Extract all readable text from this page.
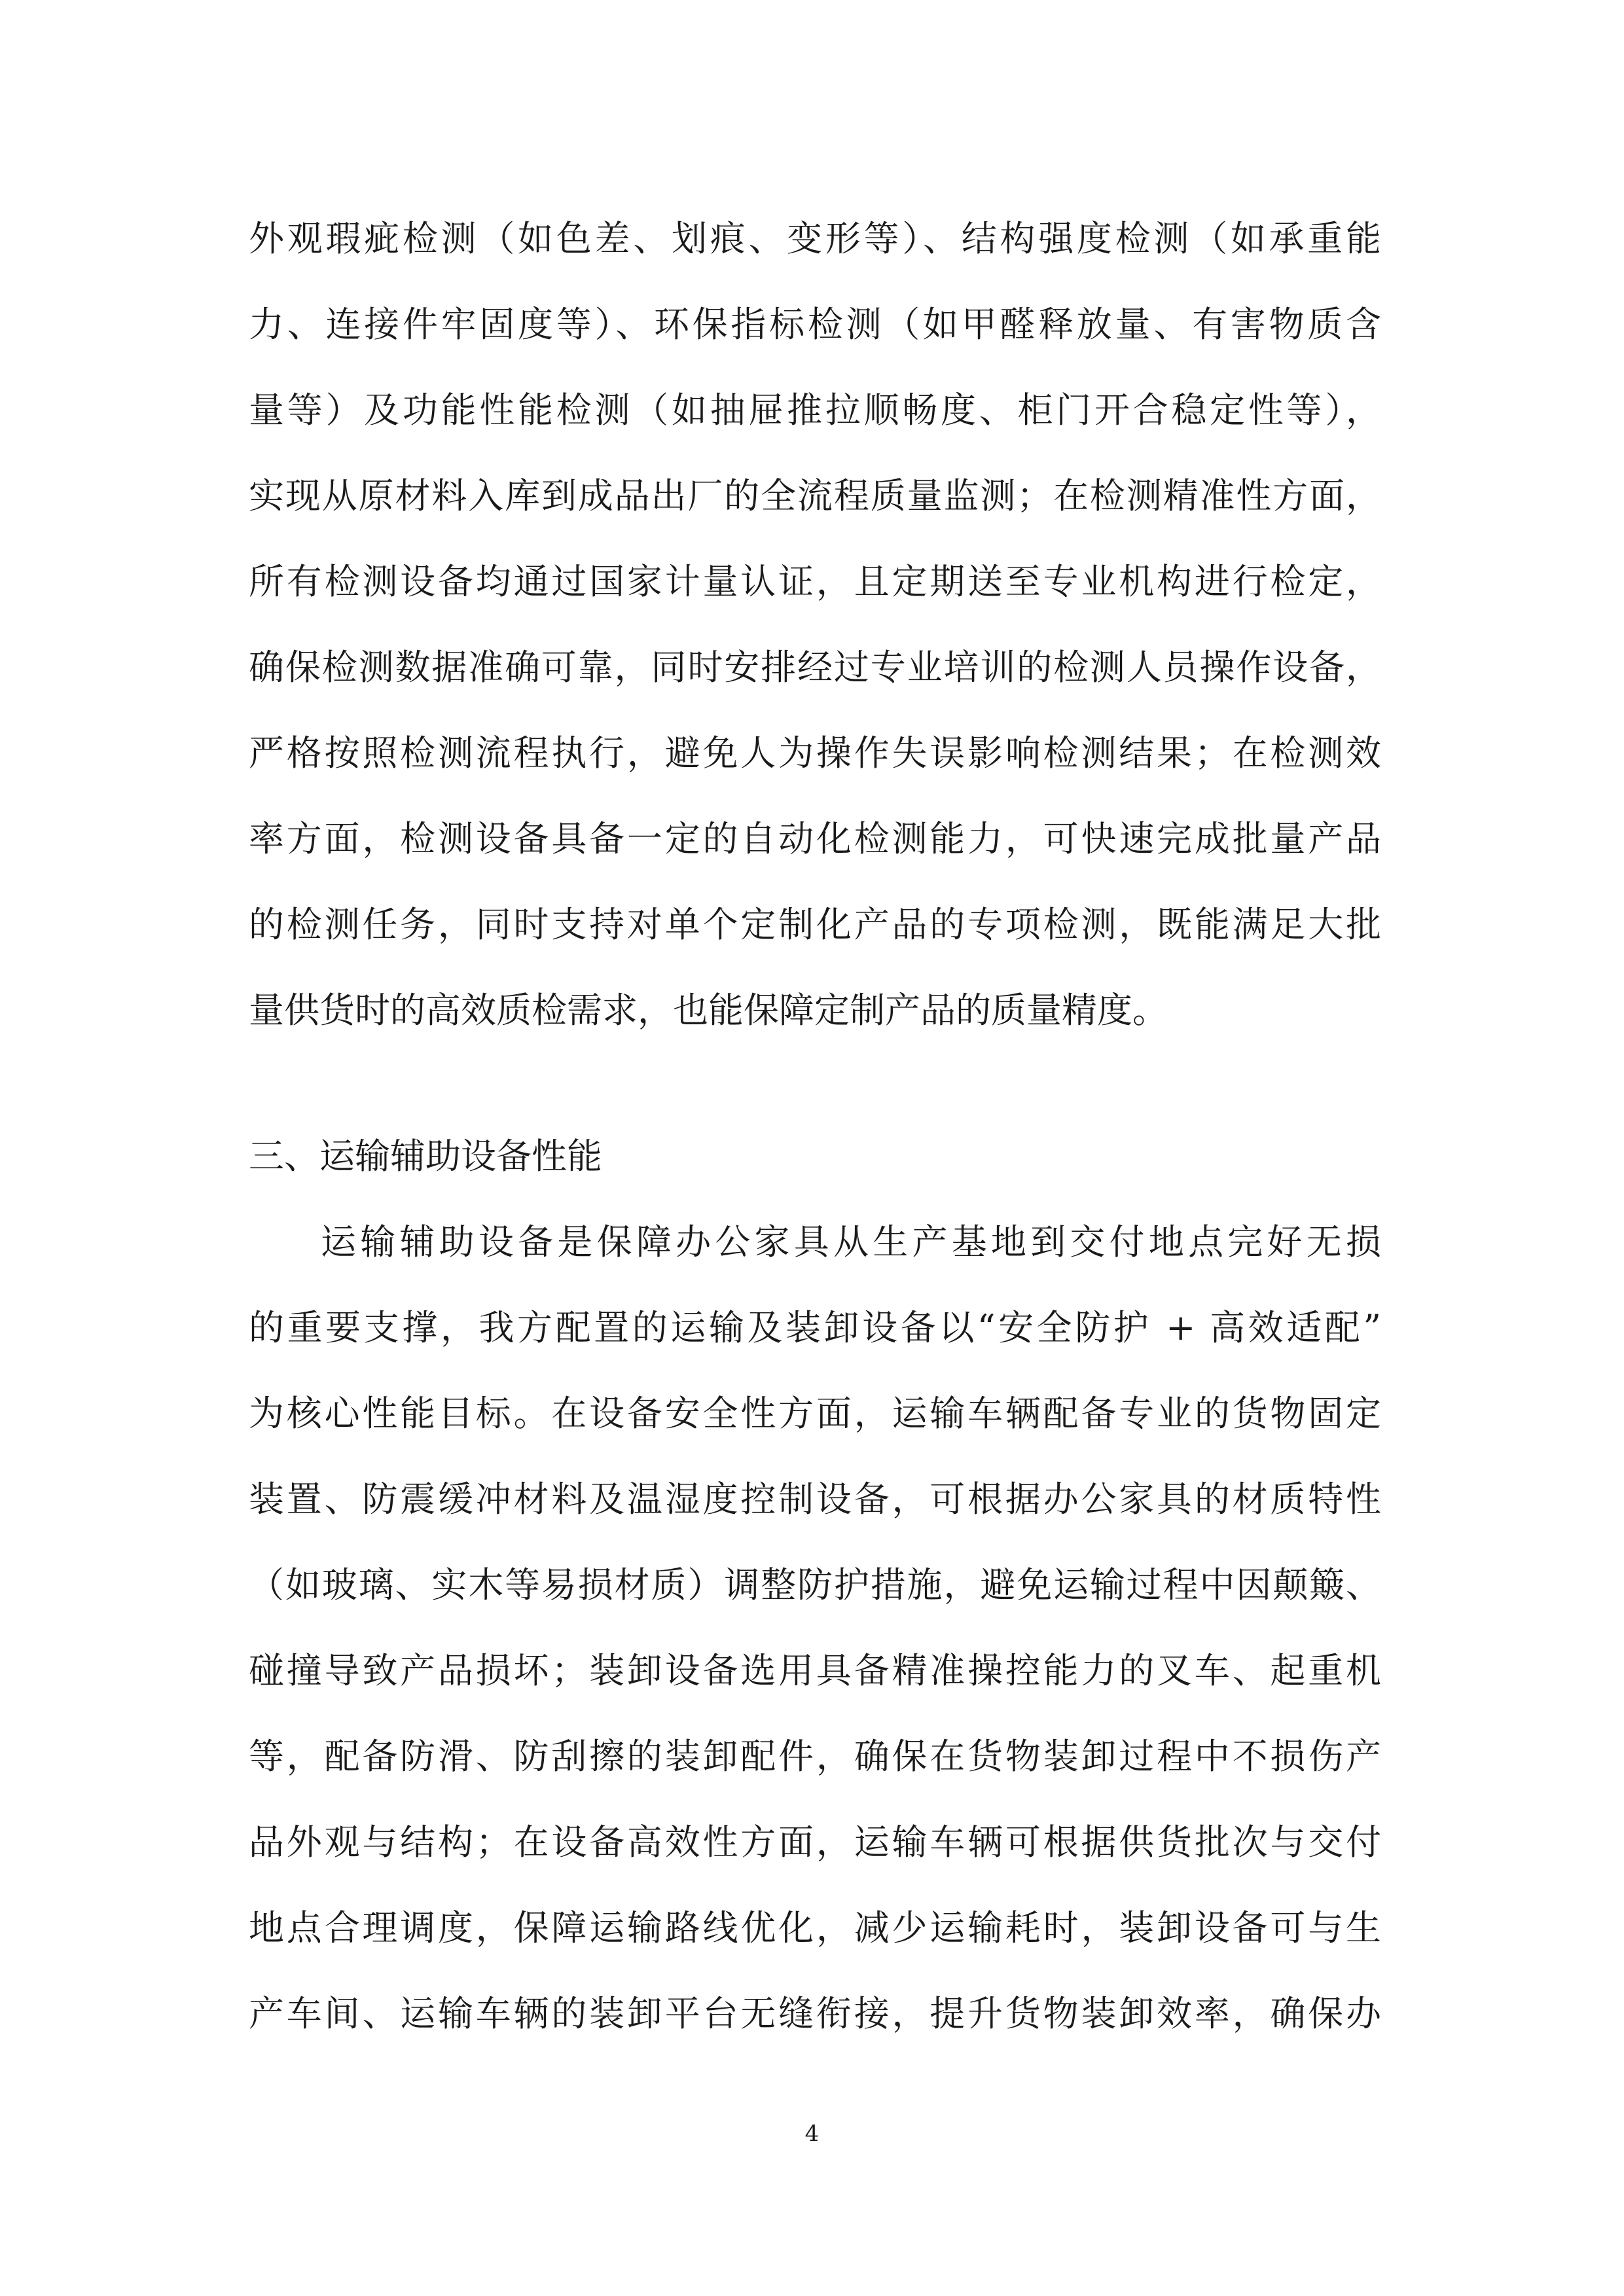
外观瑕疵检测（如色差、划痕、变形等）、结构强度检测（如承重能

力、连接件牢固度等）、环保指标检测（如甲醛释放量、有害物质含

量等）及功能性能检测（如抽屉推拉顺畅度、柜门开合稳定性等），

实现从原材料入库到成品出厂的全流程质量监测；在检测精准性方面，

所有检测设备均通过国家计量认证，且定期送至专业机构进行检定，

确保检测数据准确可靠，同时安排经过专业培训的检测人员操作设备，

严格按照检测流程执行，避免人为操作失误影响检测结果；在检测效

率方面，检测设备具备一定的自动化检测能力，可快速完成批量产品

的检测任务，同时支持对单个定制化产品的专项检测，既能满足大批

量供货时的高效质检需求，也能保障定制产品的质量精度。

三、运输辅助设备性能

运输辅助设备是保障办公家具从生产基地到交付地点完好无损

的重要支撑，我方配置的运输及装卸设备以“安全防护 + 高效适配”

为核心性能目标。在设备安全性方面，运输车辆配备专业的货物固定

装置、防震缓冲材料及温湿度控制设备，可根据办公家具的材质特性

（如玻璃、实木等易损材质）调整防护措施，避免运输过程中因颠簸、

碰撞导致产品损坏；装卸设备选用具备精准操控能力的叉车、起重机

等，配备防滑、防刮擦的装卸配件，确保在货物装卸过程中不损伤产

品外观与结构；在设备高效性方面，运输车辆可根据供货批次与交付

地点合理调度，保障运输路线优化，减少运输耗时，装卸设备可与生

产车间、运输车辆的装卸平台无缝衔接，提升货物装卸效率，确保办

4
